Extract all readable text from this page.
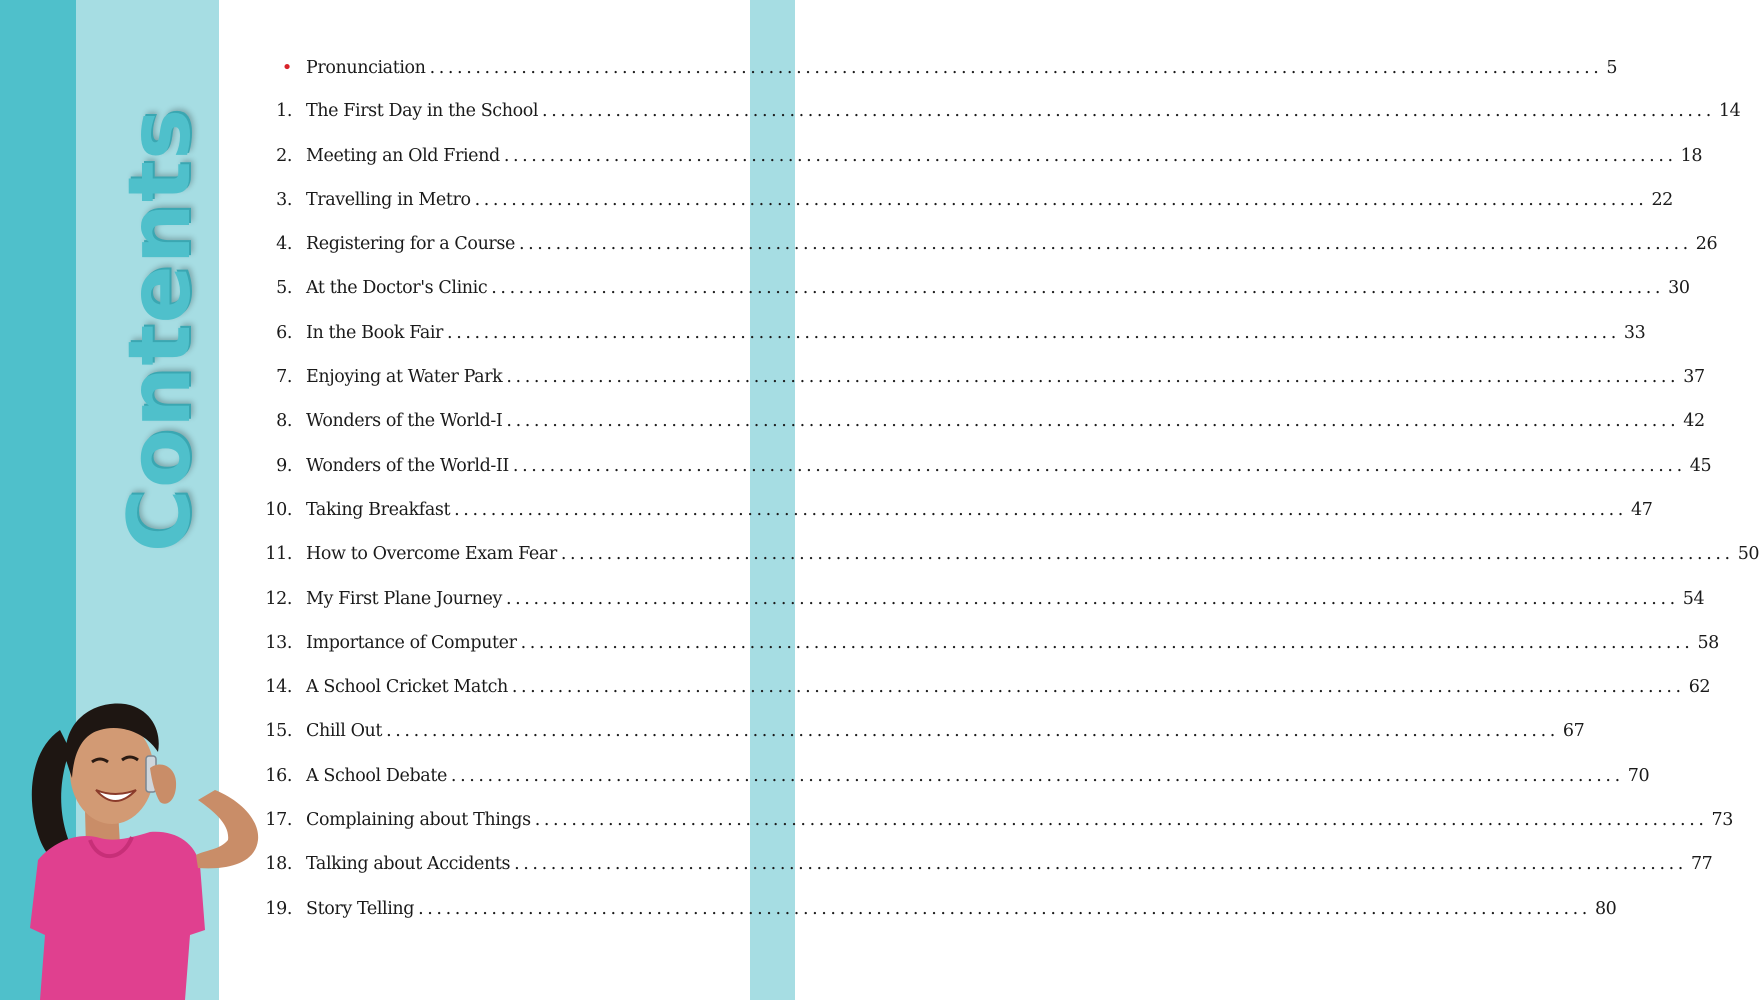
Contents
• Pronunciation ................................................................................................................................ 5
1. The First Day in the School ................................................................................................................................ 14
2. Meeting an Old Friend ................................................................................................................................ 18
3. Travelling in Metro ................................................................................................................................ 22
4. Registering for a Course ................................................................................................................................ 26
5. At the Doctor's Clinic ................................................................................................................................ 30
6. In the Book Fair ................................................................................................................................ 33
7. Enjoying at Water Park ................................................................................................................................ 37
8. Wonders of the World-I ................................................................................................................................ 42
9. Wonders of the World-II ................................................................................................................................ 45
10. Taking Breakfast ................................................................................................................................ 47
11. How to Overcome Exam Fear ................................................................................................................................ 50
12. My First Plane Journey ................................................................................................................................ 54
13. Importance of Computer ................................................................................................................................ 58
14. A School Cricket Match ................................................................................................................................ 62
15. Chill Out ................................................................................................................................ 67
16. A School Debate ................................................................................................................................ 70
17. Complaining about Things ................................................................................................................................ 73
18. Talking about Accidents ................................................................................................................................ 77
19. Story Telling ................................................................................................................................ 80
